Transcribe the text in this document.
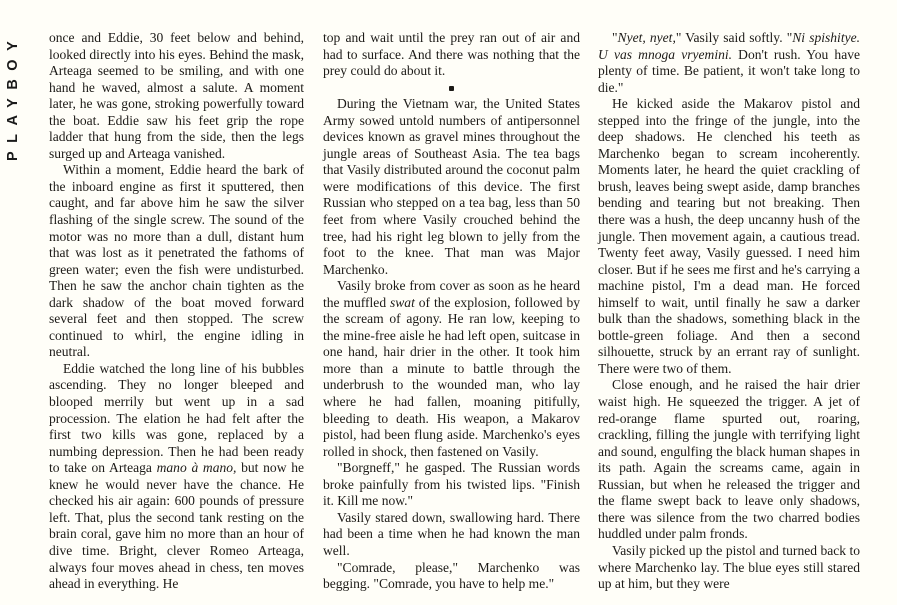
PLAYBOY	once and Eddie, 30 feet below and behind, looked directly into his eyes. Behind the mask, Arteaga seemed to be smiling, and with one hand he waved, almost a salute. A moment later, he was gone, stroking powerfully toward the boat. Eddie saw his feet grip the rope ladder that hung from the side, then the legs surged up and Arteaga vanished.

Within a moment, Eddie heard the bark of the inboard engine as first it sputtered, then caught, and far above him he saw the silver flashing of the single screw. The sound of the motor was no more than a dull, distant hum that was lost as it penetrated the fathoms of green water; even the fish were undisturbed. Then he saw the anchor chain tighten as the dark shadow of the boat moved forward several feet and then stopped. The screw continued to whirl, the engine idling in neutral.

Eddie watched the long line of his bubbles ascending. They no longer bleeped and blooped merrily but went up in a sad procession. The elation he had felt after the first two kills was gone, replaced by a numbing depression. Then he had been ready to take on Arteaga mano à mano, but now he knew he would never have the chance. He checked his air again: 600 pounds of pressure left. That, plus the second tank resting on the brain coral, gave him no more than an hour of dive time. Bright, clever Romeo Arteaga, always four moves ahead in chess, ten moves ahead in everything. He

top and wait until the prey ran out of air and had to surface. And there was nothing that the prey could do about it.

During the Vietnam war, the United States Army sowed untold numbers of antipersonnel devices known as gravel mines throughout the jungle areas of Southeast Asia. The tea bags that Vasily distributed around the coconut palm were modifications of this device. The first Russian who stepped on a tea bag, less than 50 feet from where Vasily crouched behind the tree, had his right leg blown to jelly from the foot to the knee. That man was Major Marchenko.

Vasily broke from cover as soon as he heard the muffled swat of the explosion, followed by the scream of agony. He ran low, keeping to the mine-free aisle he had left open, suitcase in one hand, hair drier in the other. It took him more than a minute to battle through the underbrush to the wounded man, who lay where he had fallen, moaning pitifully, bleeding to death. His weapon, a Makarov pistol, had been flung aside. Marchenko's eyes rolled in shock, then fastened on Vasily.

"Borgneff," he gasped. The Russian words broke painfully from his twisted lips. "Finish it. Kill me now."

Vasily stared down, swallowing hard. There had been a time when he had known the man well.

"Comrade, please," Marchenko was begging. "Comrade, you have to help me."

"Nyet, nyet," Vasily said softly. "Ni spishitye. U vas mnoga vryemini. Don't rush. You have plenty of time. Be patient, it won't take long to die."

He kicked aside the Makarov pistol and stepped into the fringe of the jungle, into the deep shadows. He clenched his teeth as Marchenko began to scream incoherently. Moments later, he heard the quiet crackling of brush, leaves being swept aside, damp branches bending and tearing but not breaking. Then there was a hush, the deep uncanny hush of the jungle. Then movement again, a cautious tread. Twenty feet away, Vasily guessed. I need him closer. But if he sees me first and he's carrying a machine pistol, I'm a dead man. He forced himself to wait, until finally he saw a darker bulk than the shadows, something black in the bottle-green foliage. And then a second silhouette, struck by an errant ray of sunlight. There were two of them.

Close enough, and he raised the hair drier waist high. He squeezed the trigger. A jet of red-orange flame spurted out, roaring, crackling, filling the jungle with terrifying light and sound, engulfing the black human shapes in its path. Again the screams came, again in Russian, but when he released the trigger and the flame swept back to leave only shadows, there was silence from the two charred bodies huddled under palm fronds.

Vasily picked up the pistol and turned back to where Marchenko lay. The blue eyes still stared up at him, but they were
